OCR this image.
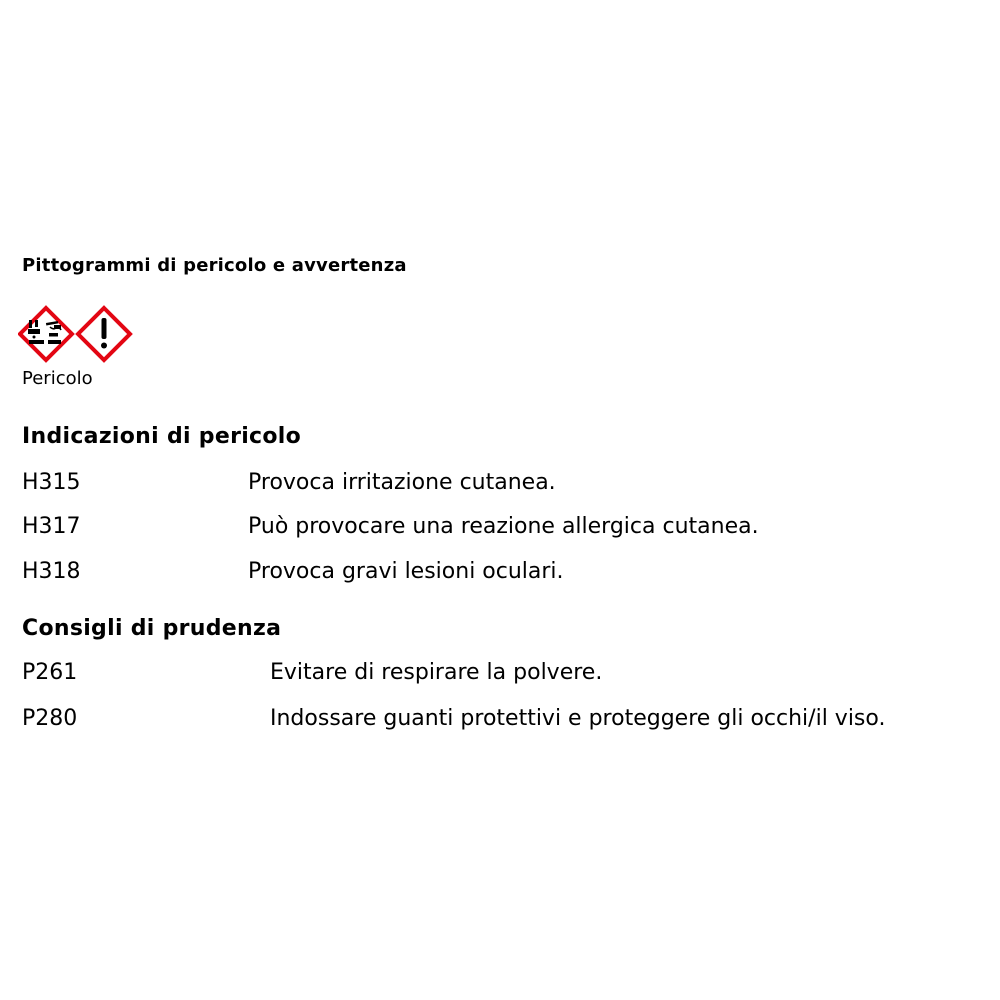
Pittogrammi di pericolo e avvertenza
Pericolo
Indicazioni di pericolo
H315	Provoca irritazione cutanea.
H317	Può provocare una reazione allergica cutanea.
H318	Provoca gravi lesioni oculari.
Consigli di prudenza
P261	Evitare di respirare la polvere.
P280	Indossare guanti protettivi e proteggere gli occhi/il viso.
